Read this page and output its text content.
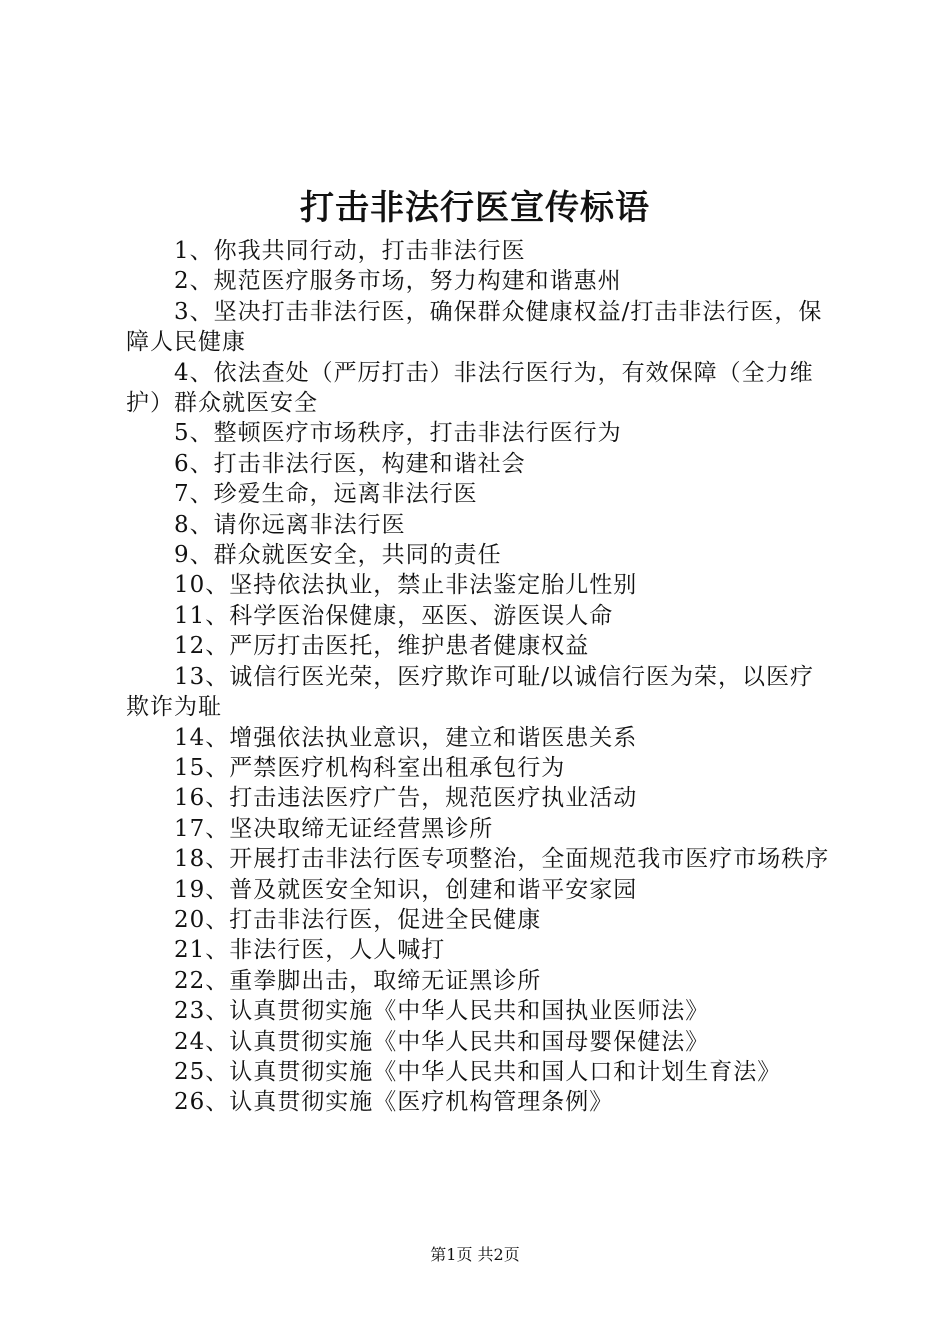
打击非法行医宣传标语

1、你我共同行动，打击非法行医

2、规范医疗服务市场，努力构建和谐惠州

3、坚决打击非法行医，确保群众健康权益/打击非法行医，保障人民健康

4、依法查处（严厉打击）非法行医行为，有效保障（全力维护）群众就医安全

5、整顿医疗市场秩序，打击非法行医行为

6、打击非法行医，构建和谐社会

7、珍爱生命，远离非法行医

8、请你远离非法行医

9、群众就医安全，共同的责任

10、坚持依法执业，禁止非法鉴定胎儿性别

11、科学医治保健康，巫医、游医误人命

12、严厉打击医托，维护患者健康权益

13、诚信行医光荣，医疗欺诈可耻/以诚信行医为荣，以医疗欺诈为耻

14、增强依法执业意识，建立和谐医患关系

15、严禁医疗机构科室出租承包行为

16、打击违法医疗广告，规范医疗执业活动

17、坚决取缔无证经营黑诊所

18、开展打击非法行医专项整治，全面规范我市医疗市场秩序

19、普及就医安全知识，创建和谐平安家园

20、打击非法行医，促进全民健康

21、非法行医，人人喊打

22、重拳脚出击，取缔无证黑诊所

23、认真贯彻实施《中华人民共和国执业医师法》

24、认真贯彻实施《中华人民共和国母婴保健法》

25、认真贯彻实施《中华人民共和国人口和计划生育法》

26、认真贯彻实施《医疗机构管理条例》

第1页 共2页
